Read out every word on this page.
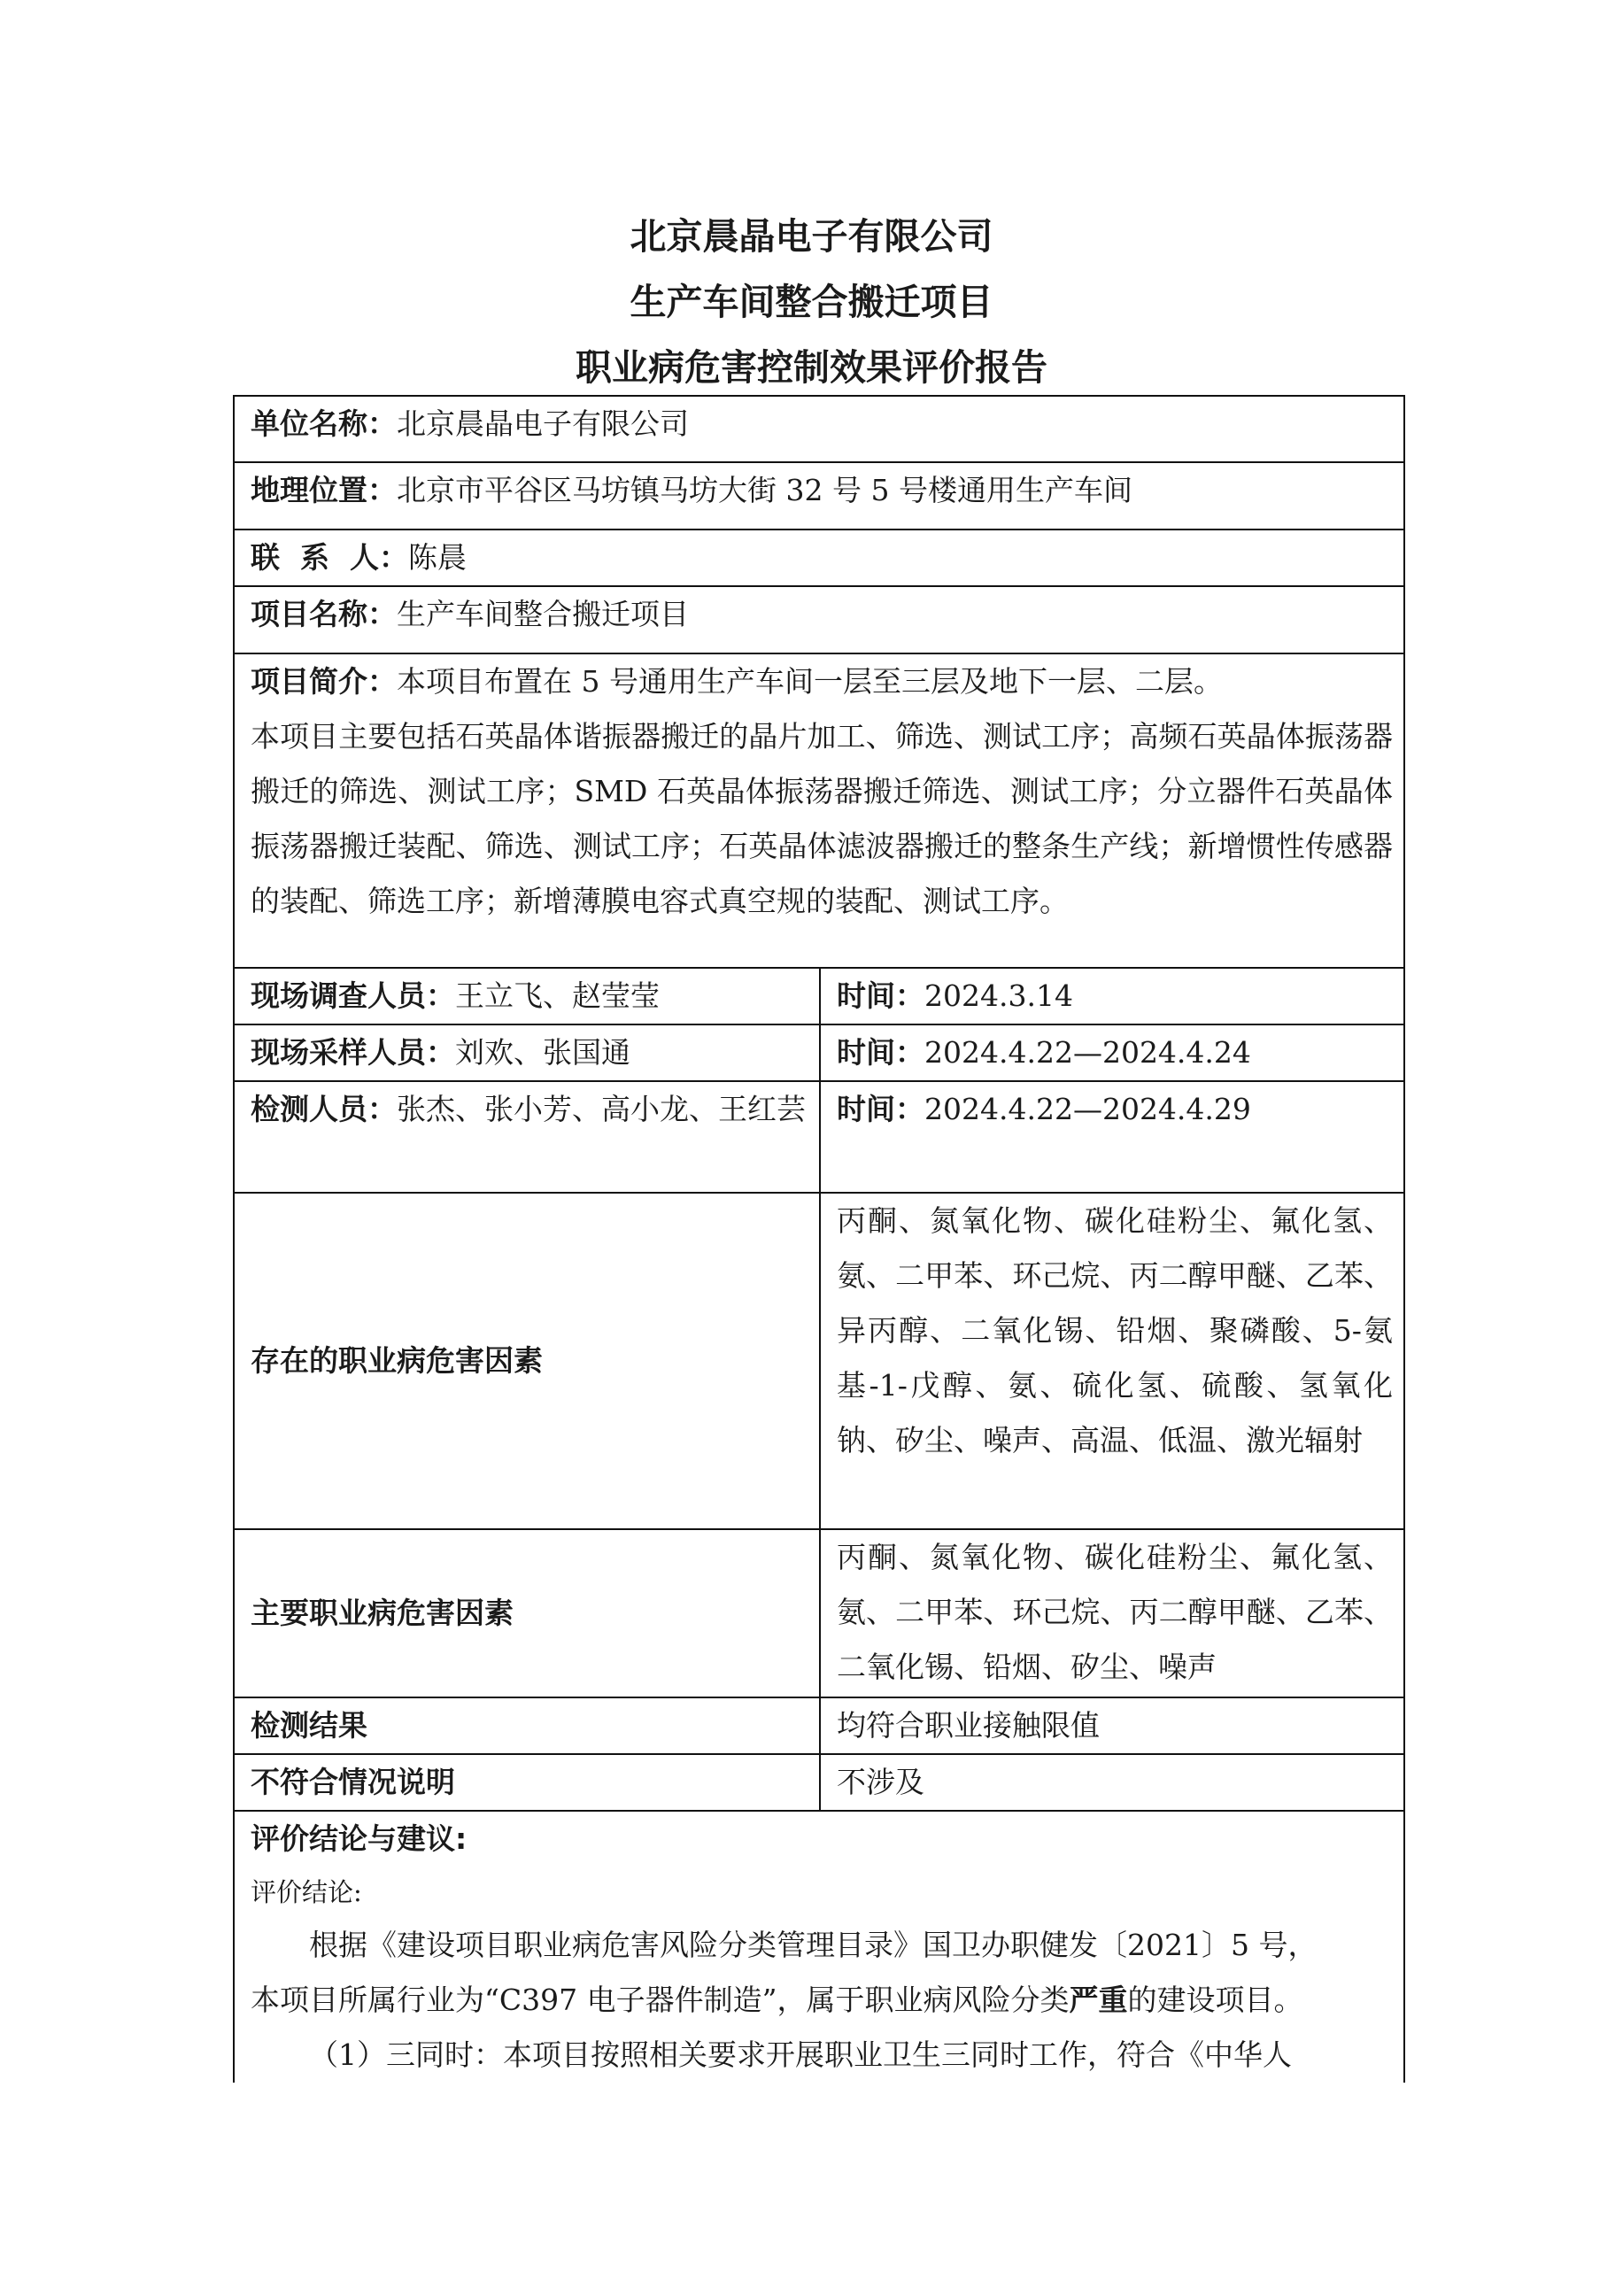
北京晨晶电子有限公司
生产车间整合搬迁项目
职业病危害控制效果评价报告
单位名称：北京晨晶电子有限公司	
地理位置：北京市平谷区马坊镇马坊大街 32 号 5 号楼通用生产车间	
联  系  人：陈晨	
项目名称：生产车间整合搬迁项目	

项目简介：本项目布置在 5 号通用生产车间一层至三层及地下一层、二层。
本项目主要包括石英晶体谐振器搬迁的晶片加工、筛选、测试工序；高频石英晶体振荡器搬迁的筛选、测试工序；SMD 石英晶体振荡器搬迁筛选、测试工序；分立器件石英晶体振荡器搬迁装配、筛选、测试工序；石英晶体滤波器搬迁的整条生产线；新增惯性传感器的装配、筛选工序；新增薄膜电容式真空规的装配、测试工序。	

现场调查人员：王立飞、赵莹莹	时间：2024.3.14
现场采样人员：刘欢、张国通	时间：2024.4.22—2024.4.24
检测人员：张杰、张小芳、高小龙、王红芸	时间：2024.4.22—2024.4.29
存在的职业病危害因素	丙酮、氮氧化物、碳化硅粉尘、氟化氢、氨、二甲苯、环己烷、丙二醇甲醚、乙苯、异丙醇、二氧化锡、铅烟、聚磷酸、5-氨基-1-戊醇、氨、硫化氢、硫酸、氢氧化钠、矽尘、噪声、高温、低温、激光辐射
主要职业病危害因素	丙酮、氮氧化物、碳化硅粉尘、氟化氢、氨、二甲苯、环己烷、丙二醇甲醚、乙苯、二氧化锡、铅烟、矽尘、噪声
检测结果	均符合职业接触限值
不符合情况说明	不涉及

评价结论与建议:
评价结论:
根据《建设项目职业病危害风险分类管理目录》国卫办职健发〔2021〕5 号，
本项目所属行业为“C397 电子器件制造”，属于职业病风险分类严重的建设项目。
（1）三同时：本项目按照相关要求开展职业卫生三同时工作，符合《中华人	
